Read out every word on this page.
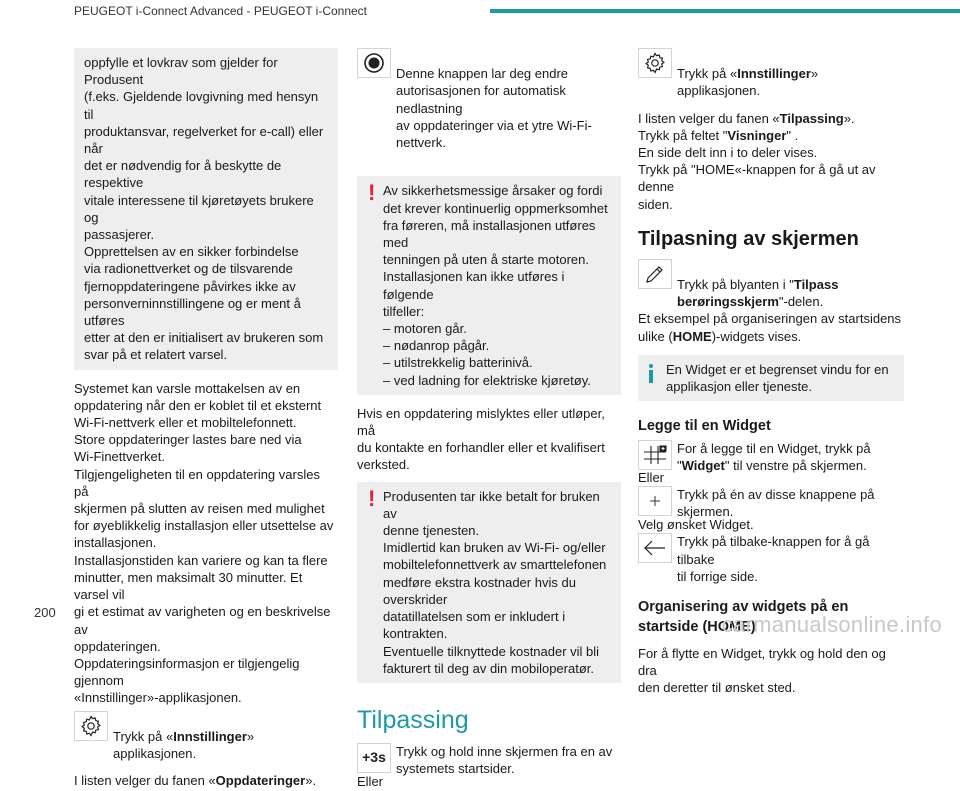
PEUGEOT i-Connect Advanced - PEUGEOT i-Connect
oppfylle et lovkrav som gjelder for Produsent
(f.eks. Gjeldende lovgivning med hensyn til
produktansvar, regelverket for e-call) eller når
det er nødvendig for å beskytte de respektive
vitale interessene til kjøretøyets brukere og
passasjerer.
Opprettelsen av en sikker forbindelse
via radionettverket og de tilsvarende
fjernoppdateringene påvirkes ikke av
personverninnstillingene og er ment å utføres
etter at den er initialisert av brukeren som
svar på et relatert varsel.
Systemet kan varsle mottakelsen av en
oppdatering når den er koblet til et eksternt
Wi-Fi-nettverk eller et mobiltelefonnett.
Store oppdateringer lastes bare ned via
Wi-Finettverket.
Tilgjengeligheten til en oppdatering varsles på
skjermen på slutten av reisen med mulighet
for øyeblikkelig installasjon eller utsettelse av
installasjonen.
Installasjonstiden kan variere og kan ta flere
minutter, men maksimalt 30 minutter. Et varsel vil
gi et estimat av varigheten og en beskrivelse av
oppdateringen.
Oppdateringsinformasjon er tilgjengelig gjennom
«Innstillinger»-applikasjonen.

Trykk på «Innstillinger» applikasjonen.

I listen velger du fanen «Oppdateringer».

Denne knappen lar deg endre
autorisasjonen for automatisk nedlastning
av oppdateringer via et ytre Wi-Fi-nettverk.

! Av sikkerhetsmessige årsaker og fordi
det krever kontinuerlig oppmerksomhet
fra føreren, må installasjonen utføres med
tenningen på uten å starte motoren.
Installasjonen kan ikke utføres i følgende
tilfeller:
– motoren går.
– nødanrop pågår.
– utilstrekkelig batterinivå.
– ved ladning for elektriske kjøretøy.
Hvis en oppdatering mislyktes eller utløper, må
du kontakte en forhandler eller et kvalifisert
verksted.
! Produsenten tar ikke betalt for bruken av
denne tjenesten.
Imidlertid kan bruken av Wi-Fi- og/eller
mobiltelefonnettverk av smarttelefonen
medføre ekstra kostnader hvis du overskrider
datatillatelsen som er inkludert i kontrakten.
Eventuelle tilknyttede kostnader vil bli
fakturert til deg av din mobiloperatør.
Tilpassing
+3s Trykk og hold inne skjermen fra en av
systemets startsider.
Eller

Trykk på «Innstillinger» applikasjonen.

I listen velger du fanen «Tilpassing».
Trykk på feltet "Visninger" .
En side delt inn i to deler vises.
Trykk på "HOME«-knappen for å gå ut av denne
siden.
Tilpasning av skjermen

Trykk på blyanten i "Tilpass
berøringsskjerm"-delen.

Et eksempel på organiseringen av startsidens
ulike (HOME)-widgets vises.
En Widget er et begrenset vindu for en
applikasjon eller tjeneste.
Legge til en Widget
For å legge til en Widget, trykk på
"Widget" til venstre på skjermen.
Eller
Trykk på én av disse knappene på
skjermen.
Velg ønsket Widget.
Trykk på tilbake-knappen for å gå tilbake
til forrige side.
Organisering av widgets på en
startside (HOME)
For å flytte en Widget, trykk og hold den og dra
den deretter til ønsket sted.
200	carmanualsonline.info
